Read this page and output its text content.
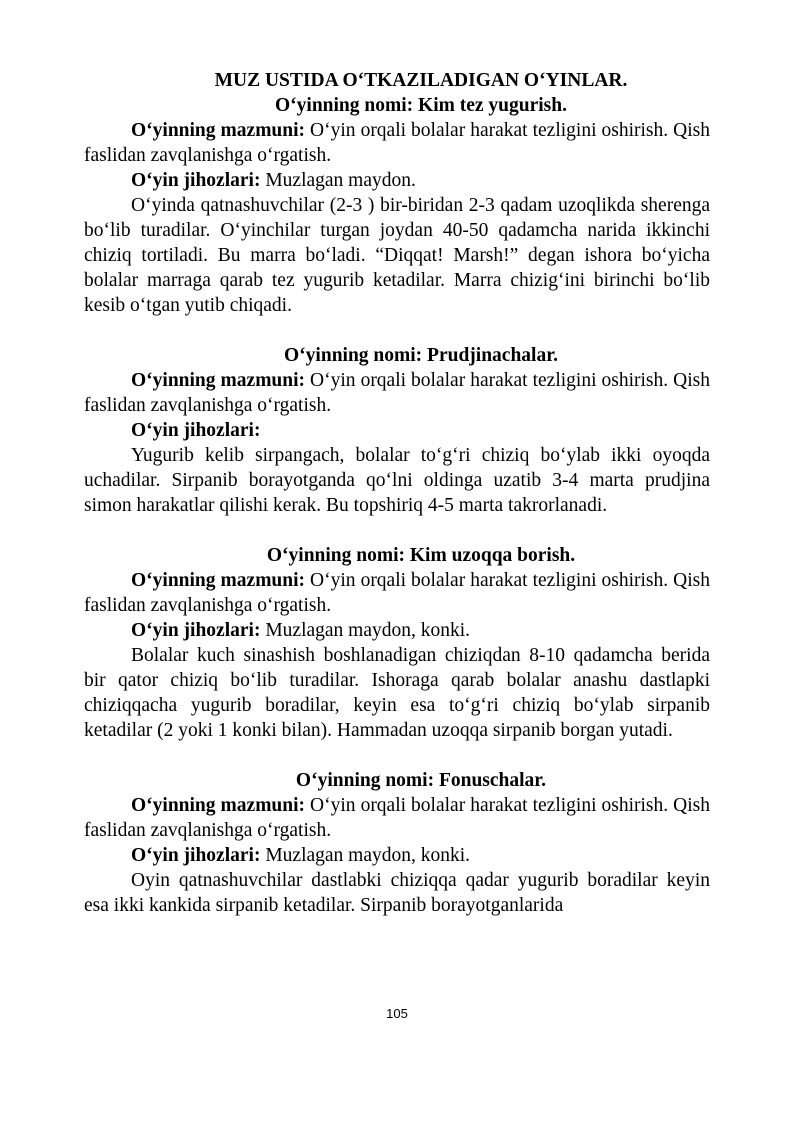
MUZ USTIDA O‘TKAZILADIGAN O‘YINLAR.

O‘yinning nomi: Kim tez yugurish.

O‘yinning mazmuni: O‘yin orqali bolalar harakat tezligini oshirish. Qish faslidan zavqlanishga o‘rgatish.

O‘yin jihozlari: Muzlagan maydon.

O‘yinda qatnashuvchilar (2-3 ) bir-biridan 2-3 qadam uzoqlikda sherenga bo‘lib turadilar. O‘yinchilar turgan joydan 40-50 qadamcha narida ikkinchi chiziq tortiladi. Bu marra bo‘ladi. “Diqqat! Marsh!” degan ishora bo‘yicha bolalar marraga qarab tez yugurib ketadilar. Marra chizig‘ini birinchi bo‘lib kesib o‘tgan yutib chiqadi.

O‘yinning nomi: Prudjinachalar.

O‘yinning mazmuni: O‘yin orqali bolalar harakat tezligini oshirish. Qish faslidan zavqlanishga o‘rgatish.

O‘yin jihozlari:

Yugurib kelib sirpangach, bolalar to‘g‘ri chiziq bo‘ylab ikki oyoqda uchadilar. Sirpanib borayotganda qo‘lni oldinga uzatib 3-4 marta prudjina simon harakatlar qilishi kerak. Bu topshiriq 4-5 marta takrorlanadi.

O‘yinning nomi: Kim uzoqqa borish.

O‘yinning mazmuni: O‘yin orqali bolalar harakat tezligini oshirish. Qish faslidan zavqlanishga o‘rgatish.

O‘yin jihozlari: Muzlagan maydon, konki.

Bolalar kuch sinashish boshlanadigan chiziqdan 8-10 qadamcha berida bir qator chiziq bo‘lib turadilar. Ishoraga qarab bolalar anashu dastlapki chiziqqacha yugurib boradilar, keyin esa to‘g‘ri chiziq bo‘ylab sirpanib ketadilar (2 yoki 1 konki bilan). Hammadan uzoqqa sirpanib borgan yutadi.

O‘yinning nomi: Fonuschalar.

O‘yinning mazmuni: O‘yin orqali bolalar harakat tezligini oshirish. Qish faslidan zavqlanishga o‘rgatish.

O‘yin jihozlari: Muzlagan maydon, konki.

Oyin qatnashuvchilar dastlabki chiziqqa qadar yugurib boradilar keyin esa ikki kankida sirpanib ketadilar. Sirpanib borayotganlarida

105
